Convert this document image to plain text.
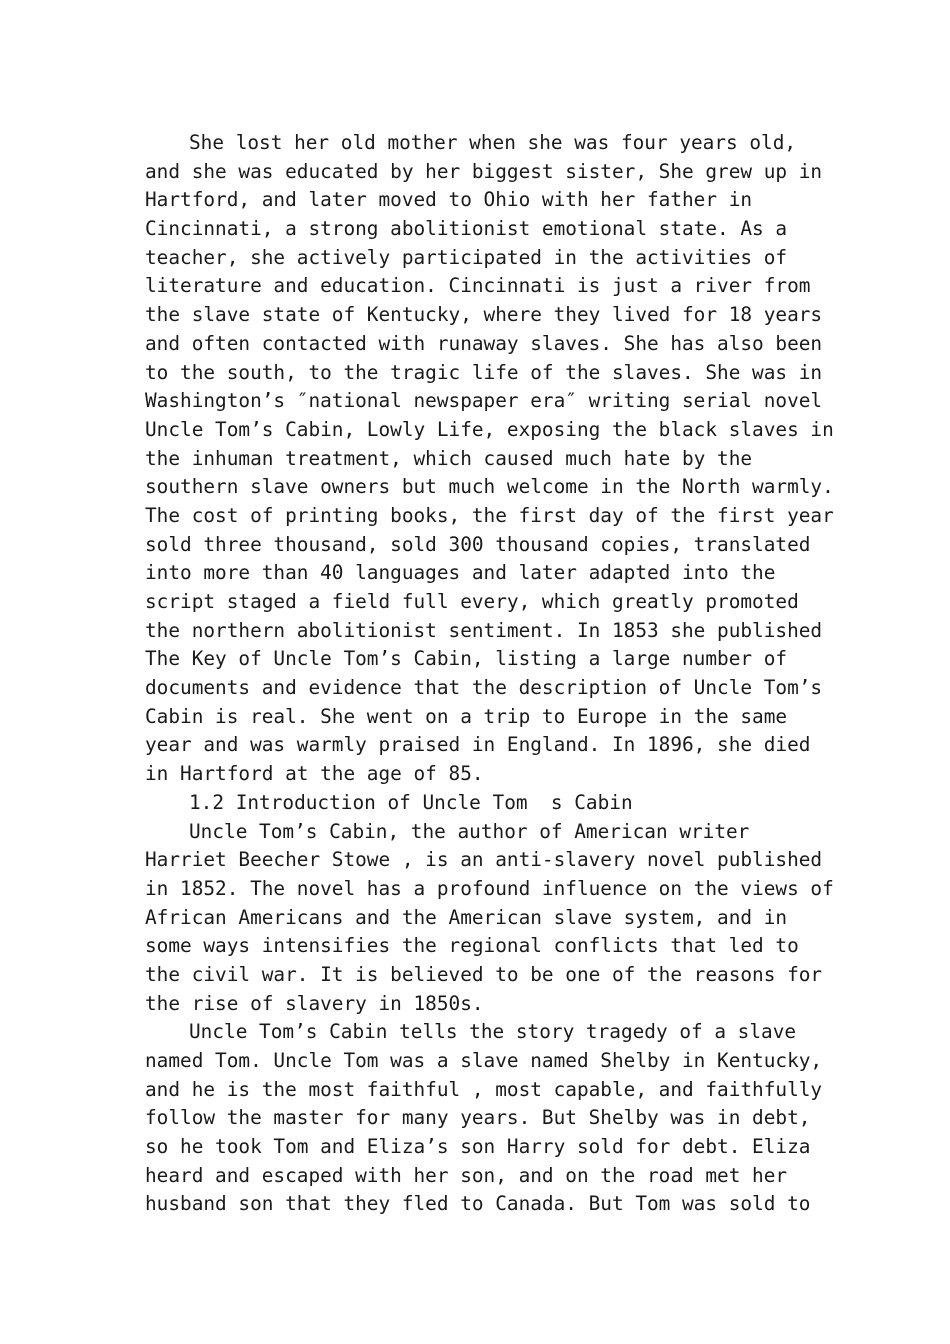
She lost her old mother when she was four years old,
and she was educated by her biggest sister, She grew up in
Hartford, and later moved to Ohio with her father in
Cincinnati, a strong abolitionist emotional state. As a
teacher, she actively participated in the activities of
literature and education. Cincinnati is just a river from
the slave state of Kentucky, where they lived for 18 years
and often contacted with runaway slaves. She has also been
to the south, to the tragic life of the slaves. She was in
Washington’s ″national newspaper era″ writing serial novel
Uncle Tom’s Cabin, Lowly Life, exposing the black slaves in
the inhuman treatment, which caused much hate by the
southern slave owners but much welcome in the North warmly.
The cost of printing books, the first day of the first year
sold three thousand, sold 300 thousand copies, translated
into more than 40 languages and later adapted into the
script staged a field full every, which greatly promoted
the northern abolitionist sentiment. In 1853 she published
The Key of Uncle Tom’s Cabin, listing a large number of
documents and evidence that the description of Uncle Tom’s
Cabin is real. She went on a trip to Europe in the same
year and was warmly praised in England. In 1896, she died
in Hartford at the age of 85.
1.2 Introduction of Uncle Tom  s Cabin
Uncle Tom’s Cabin, the author of American writer
Harriet Beecher Stowe , is an anti-slavery novel published
in 1852. The novel has a profound influence on the views of
African Americans and the American slave system, and in
some ways intensifies the regional conflicts that led to
the civil war. It is believed to be one of the reasons for
the rise of slavery in 1850s.
Uncle Tom’s Cabin tells the story tragedy of a slave
named Tom. Uncle Tom was a slave named Shelby in Kentucky,
and he is the most faithful , most capable, and faithfully
follow the master for many years. But Shelby was in debt,
so he took Tom and Eliza’s son Harry sold for debt. Eliza
heard and escaped with her son, and on the road met her
husband son that they fled to Canada. But Tom was sold to
